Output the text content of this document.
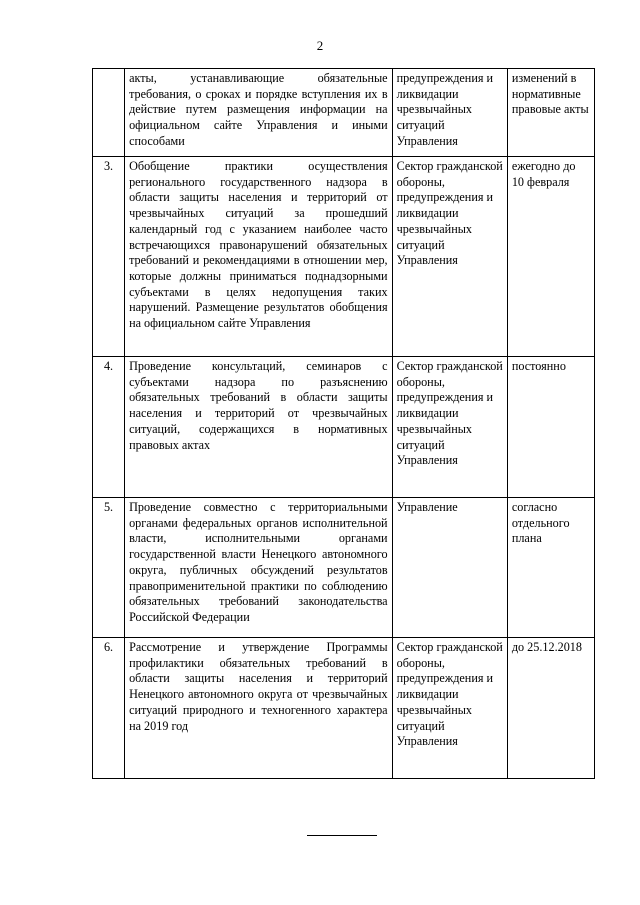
2
	акты, устанавливающие обязательные требования, о сроках и порядке вступления их в действие путем размещения информации на официальном сайте Управления и иными способами	предупреждения и ликвидации чрезвычайных ситуаций Управления	изменений в нормативные правовые акты
3.	Обобщение практики осуществления регионального государственного надзора в области защиты населения и территорий от чрезвычайных ситуаций за прошедший календарный год с указанием наиболее часто встречающихся правонарушений обязательных требований и рекомендациями в отношении мер, которые должны приниматься поднадзорными субъектами в целях недопущения таких нарушений. Размещение результатов обобщения на официальном сайте Управления	Сектор гражданской обороны, предупреждения и ликвидации чрезвычайных ситуаций Управления	ежегодно до 10 февраля
4.	Проведение консультаций, семинаров с субъектами надзора по разъяснению обязательных требований в области защиты населения и территорий от чрезвычайных ситуаций, содержащихся в нормативных правовых актах	Сектор гражданской обороны, предупреждения и ликвидации чрезвычайных ситуаций Управления	постоянно
5.	Проведение совместно с территориальными органами федеральных органов исполнительной власти, исполнительными органами государственной власти Ненецкого автономного округа, публичных обсуждений результатов правоприменительной практики по соблюдению обязательных требований законодательства Российской Федерации	Управление	согласно отдельного плана
6.	Рассмотрение и утверждение Программы профилактики обязательных требований в области защиты населения и территорий Ненецкого автономного округа от чрезвычайных ситуаций природного и техногенного характера на 2019 год	Сектор гражданской обороны, предупреждения и ликвидации чрезвычайных ситуаций Управления	до 25.12.2018
